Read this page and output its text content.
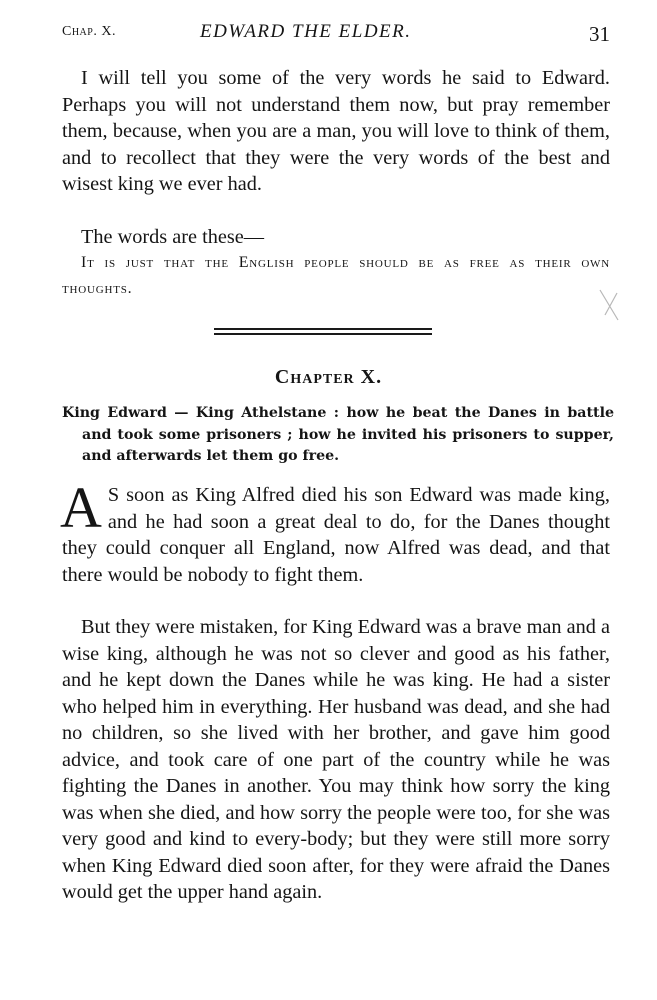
Chap. X.	EDWARD THE ELDER.	31

I will tell you some of the very words he said to Edward. Perhaps you will not understand them now, but pray remember them, because, when you are a man, you will love to think of them, and to recollect that they were the very words of the best and wisest king we ever had.

The words are these—

It is just that the English people should be as free as their own thoughts.

Chapter X.

King Edward — King Athelstane : how he beat the Danes in battle and took some prisoners ; how he invited his prisoners to supper, and afterwards let them go free.

A S soon as King Alfred died his son Edward was made king, and he had soon a great deal to do, for the Danes thought they could conquer all England, now Alfred was dead, and that there would be nobody to fight them.

But they were mistaken, for King Edward was a brave man and a wise king, although he was not so clever and good as his father, and he kept down the Danes while he was king. He had a sister who helped him in everything. Her husband was dead, and she had no children, so she lived with her brother, and gave him good advice, and took care of one part of the country while he was fighting the Danes in another. You may think how sorry the king was when she died, and how sorry the people were too, for she was very good and kind to every-body; but they were still more sorry when King Edward died soon after, for they were afraid the Danes would get the upper hand again.
